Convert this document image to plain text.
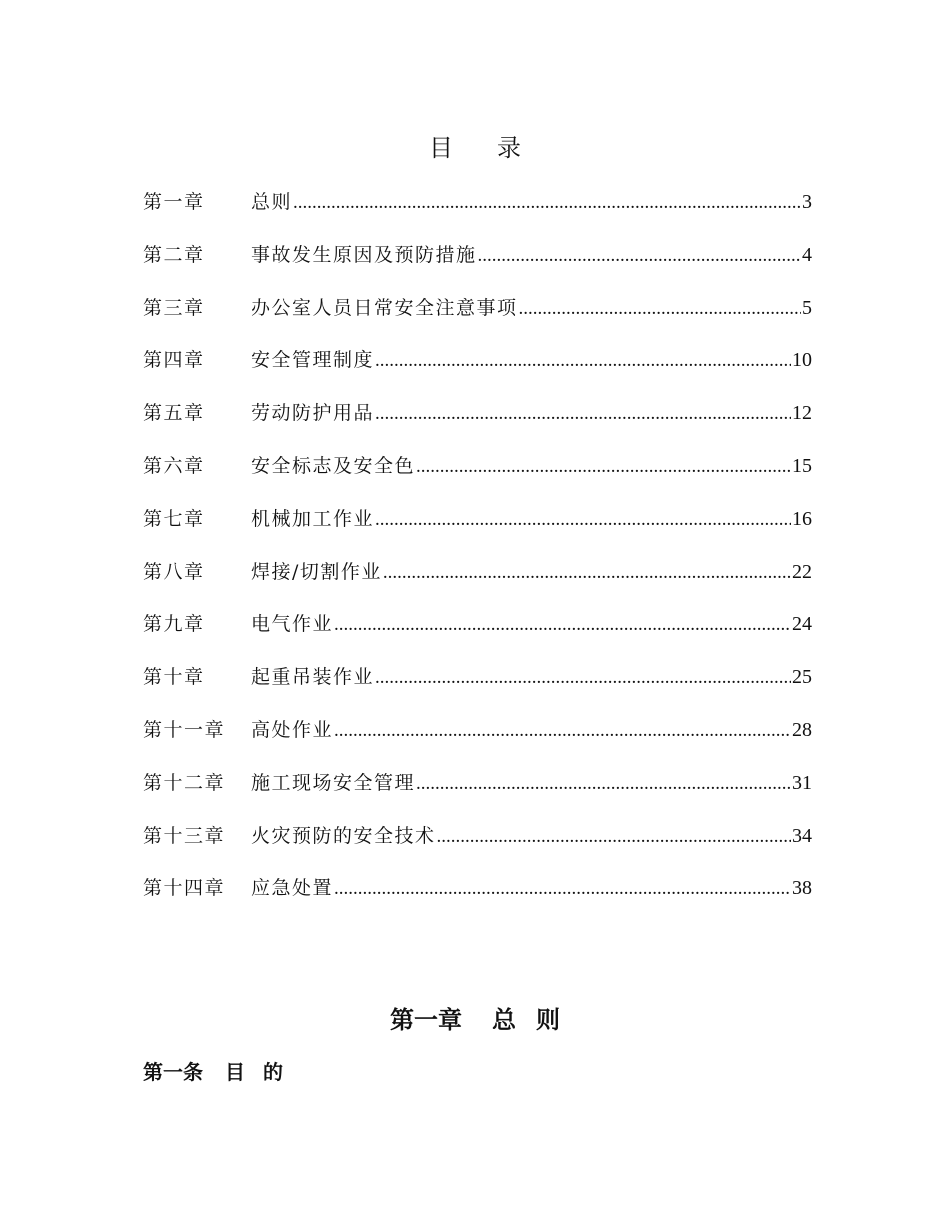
目 录
第一章	总则 .....	3
第二章	事故发生原因及预防措施 .....	4
第三章	办公室人员日常安全注意事项 .....	5
第四章	安全管理制度 .....	10
第五章	劳动防护用品 .....	12
第六章	安全标志及安全色 .....	15
第七章	机械加工作业 .....	16
第八章	焊接/切割作业 .....	22
第九章	电气作业 .....	24
第十章	起重吊装作业 .....	25
第十一章	高处作业 .....	28
第十二章	施工现场安全管理 .....	31
第十三章	火灾预防的安全技术 .....	34
第十四章	应急处置 .....	38
第一章 总 则
第一条 目 的
